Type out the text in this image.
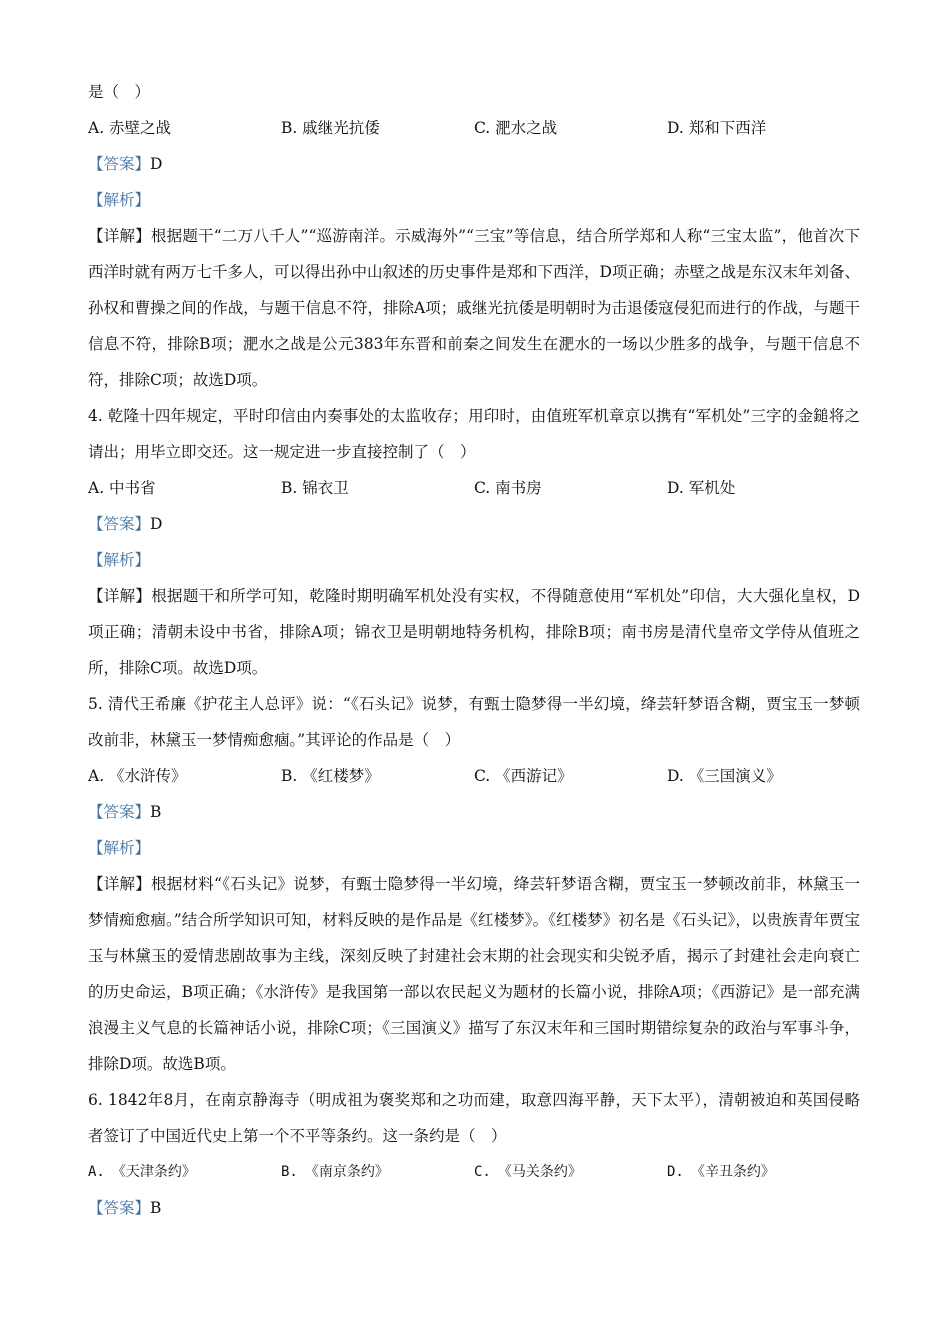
是（　）

A. 赤壁之战	B. 戚继光抗倭	C. 淝水之战	D. 郑和下西洋

【答案】D

【解析】

【详解】根据题干“二万八千人”“巡游南洋。示威海外”“三宝”等信息，结合所学郑和人称“三宝太监”，他首次下西洋时就有两万七千多人，可以得出孙中山叙述的历史事件是郑和下西洋，D项正确；赤壁之战是东汉末年刘备、孙权和曹操之间的作战，与题干信息不符，排除A项；戚继光抗倭是明朝时为击退倭寇侵犯而进行的作战，与题干信息不符，排除B项；淝水之战是公元383年东晋和前秦之间发生在淝水的一场以少胜多的战争，与题干信息不符，排除C项；故选D项。

4. 乾隆十四年规定，平时印信由内奏事处的太监收存；用印时，由值班军机章京以携有“军机处”三字的金鎚将之请出；用毕立即交还。这一规定进一步直接控制了（　）

A. 中书省	B. 锦衣卫	C. 南书房	D. 军机处

【答案】D

【解析】

【详解】根据题干和所学可知，乾隆时期明确军机处没有实权，不得随意使用“军机处”印信，大大强化皇权，D项正确；清朝未设中书省，排除A项；锦衣卫是明朝地特务机构，排除B项；南书房是清代皇帝文学侍从值班之所，排除C项。故选D项。

5. 清代王希廉《护花主人总评》说：“《石头记》说梦，有甄士隐梦得一半幻境，绛芸轩梦语含糊，贾宝玉一梦顿改前非，林黛玉一梦情痴愈痼。”其评论的作品是（　）

A. 《水浒传》	B. 《红楼梦》	C. 《西游记》	D. 《三国演义》

【答案】B

【解析】

【详解】根据材料“《石头记》说梦，有甄士隐梦得一半幻境，绛芸轩梦语含糊，贾宝玉一梦顿改前非，林黛玉一梦情痴愈痼。”结合所学知识可知，材料反映的是作品是《红楼梦》。《红楼梦》初名是《石头记》，以贵族青年贾宝玉与林黛玉的爱情悲剧故事为主线，深刻反映了封建社会末期的社会现实和尖锐矛盾，揭示了封建社会走向衰亡的历史命运，B项正确；《水浒传》是我国第一部以农民起义为题材的长篇小说，排除A项；《西游记》是一部充满浪漫主义气息的长篇神话小说，排除C项；《三国演义》描写了东汉末年和三国时期错综复杂的政治与军事斗争，排除D项。故选B项。

6. 1842年8月，在南京静海寺（明成祖为褒奖郑和之功而建，取意四海平静，天下太平），清朝被迫和英国侵略者签订了中国近代史上第一个不平等条约。这一条约是（　）

A.　《天津条约》	B.　《南京条约》	C.　《马关条约》	D.　《辛丑条约》

【答案】B
